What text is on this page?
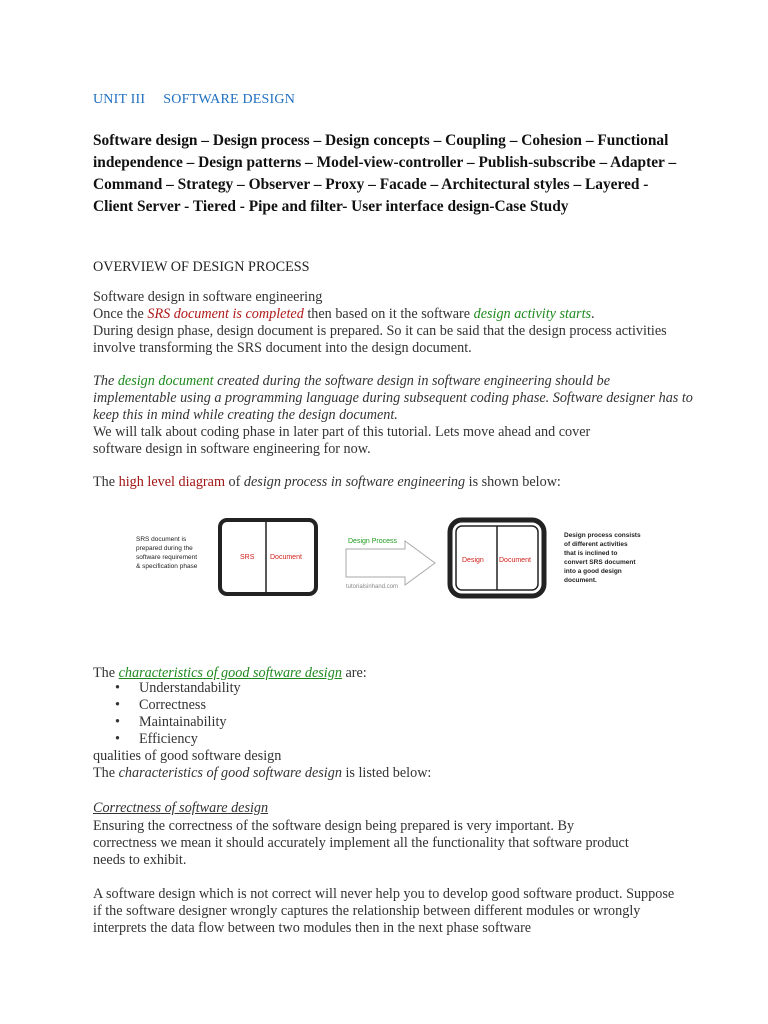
UNIT III SOFTWARE DESIGN
Software design – Design process – Design concepts – Coupling – Cohesion – Functional independence – Design patterns – Model-view-controller – Publish-subscribe – Adapter – Command – Strategy – Observer – Proxy – Facade – Architectural styles – Layered - Client Server - Tiered - Pipe and filter- User interface design-Case Study
OVERVIEW OF DESIGN PROCESS
Software design in software engineering
Once the SRS document is completed then based on it the software design activity starts.
During design phase, design document is prepared. So it can be said that the design process activities involve transforming the SRS document into the design document.
The design document created during the software design in software engineering should be implementable using a programming language during subsequent coding phase. Software designer has to keep this in mind while creating the design document.
We will talk about coding phase in later part of this tutorial. Lets move ahead and cover software design in software engineering for now.
The high level diagram of design process in software engineering is shown below:
SRS document is
prepared during the
software requirement
& specification phase
SRS Document
Design Process
tutorialsinhand.com
Design Document
Design process consists
of different activities
that is inclined to
convert SRS document
into a good design
document.
The characteristics of good software design are:
• Understandability
• Correctness
• Maintainability
• Efficiency
qualities of good software design
The characteristics of good software design is listed below:
Correctness of software design
Ensuring the correctness of the software design being prepared is very important. By correctness we mean it should accurately implement all the functionality that software product needs to exhibit.
A software design which is not correct will never help you to develop good software product. Suppose if the software designer wrongly captures the relationship between different modules or wrongly interprets the data flow between two modules then in the next phase software
